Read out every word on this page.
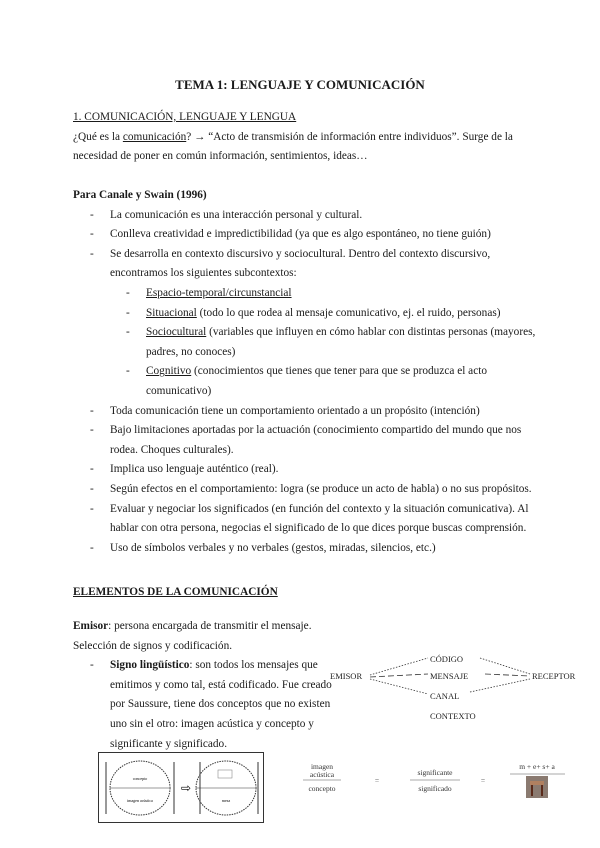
TEMA 1: LENGUAJE Y COMUNICACIÓN
1. COMUNICACIÓN, LENGUAJE Y LENGUA
¿Qué es la comunicación? → “Acto de transmisión de información entre individuos”. Surge de la necesidad de poner en común información, sentimientos, ideas…
Para Canale y Swain (1996)
- La comunicación es una interacción personal y cultural.
- Conlleva creatividad e impredictibilidad (ya que es algo espontáneo, no tiene guión)
- Se desarrolla en contexto discursivo y sociocultural. Dentro del contexto discursivo, encontramos los siguientes subcontextos:
- Espacio-temporal/circunstancial
- Situacional (todo lo que rodea al mensaje comunicativo, ej. el ruido, personas)
- Sociocultural (variables que influyen en cómo hablar con distintas personas (mayores, padres, no conoces)
- Cognitivo (conocimientos que tienes que tener para que se produzca el acto comunicativo)
- Toda comunicación tiene un comportamiento orientado a un propósito (intención)
- Bajo limitaciones aportadas por la actuación (conocimiento compartido del mundo que nos rodea. Choques culturales).
- Implica uso lenguaje auténtico (real).
- Según efectos en el comportamiento: logra (se produce un acto de habla) o no sus propósitos.
- Evaluar y negociar los significados (en función del contexto y la situación comunicativa). Al hablar con otra persona, negocias el significado de lo que dices porque buscas comprensión.
- Uso de símbolos verbales y no verbales (gestos, miradas, silencios, etc.)
ELEMENTOS DE LA COMUNICACIÓN
Emisor: persona encargada de transmitir el mensaje. Selección de signos y codificación.
- Signo lingüístico: son todos los mensajes que emitimos y como tal, está codificado. Fue creado por Saussure, tiene dos conceptos que no existen uno sin el otro: imagen acústica y concepto y significante y significado.
EMISOR
CÓDIGO
MENSAJE	RECEPTOR
CANAL
CONTEXTO
concepto
imagen acústica
⇨
mesa
imagen
acústica
concepto
=
significante
significado
=
m + e+ s+ a
